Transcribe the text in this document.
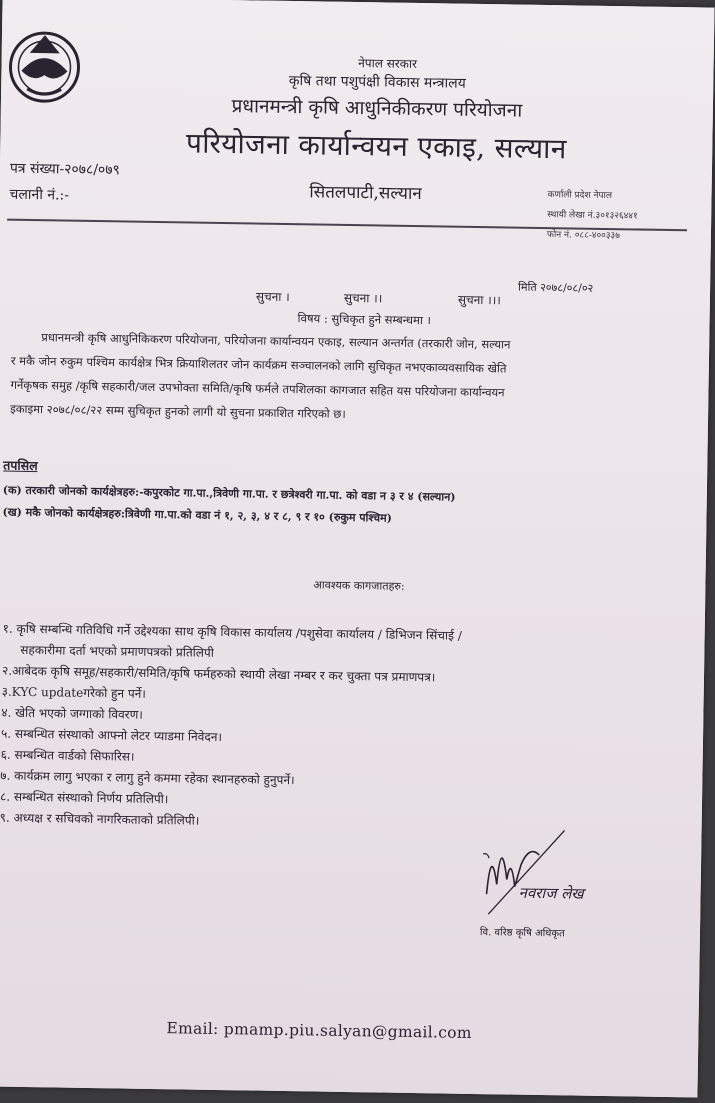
नेपाल सरकार
कृषि तथा पशुपंक्षी विकास मन्त्रालय
प्रधानमन्त्री कृषि आधुनिकीकरण परियोजना
परियोजना कार्यान्वयन एकाइ, सल्यान
सितलपाटी,सल्यान
पत्र संख्या-२०७८/०७९
चलानी नं.:-	कर्णाली प्रदेश नेपाल
स्थायी लेखा नं.३०१३२६४४१
फोन नं. ०८८-४००३३७
मिति २०७८/०८/०२
सुचना ।	सुचना ।।	सुचना ।।।
विषय : सुचिकृत हुने सम्बन्धमा ।

प्रधानमन्त्री कृषि आधुनिकिकरण परियोजना, परियोजना कार्यान्वयन एकाइ, सल्यान अन्तर्गत (तरकारी जोन, सल्यान

र मकै जोन रुकुम पश्चिम कार्यक्षेत्र भित्र क्रियाशिलतर जोन कार्यक्रम सञ्चालनको लागि सुचिकृत नभएकाव्यवसायिक खेति

गर्नेकृषक समुह /कृषि सहकारी/जल उपभोक्ता समिति/कृषि फर्मले तपशिलका कागजात सहित यस परियोजना कार्यान्वयन

इकाइमा २०७८/०८/२२ सम्म सुचिकृत हुनको लागी यो सुचना प्रकाशित गरिएको छ।

तपसिल
(क) तरकारी जोनको कार्यक्षेत्रहरु:-कपुरकोट गा.पा.,त्रिवेणी गा.पा. र छत्रेश्वरी गा.पा. को वडा न ३ र ४ (सल्यान)
(ख) मकै जोनको कार्यक्षेत्रहरु:त्रिवेणी गा.पा.को वडा नं १, २, ३, ४ र ८, ९ र १० (रुकुम पश्चिम)
आवश्यक कागजातहरु:
१. कृषि सम्बन्धि गतिविधि गर्ने उद्देश्यका साथ कृषि विकास कार्यालय /पशुसेवा कार्यालय / डिभिजन सिंचाई /
सहकारीमा दर्ता भएको प्रमाणपत्रको प्रतिलिपी
२.आबेदक कृषि समूह/सहकारी/समिति/कृषि फर्महरुको स्थायी लेखा नम्बर र कर चुक्ता पत्र प्रमाणपत्र।
३.KYC updateगरेको हुन पर्ने।
४. खेति भएको जग्गाको विवरण।
५. सम्बन्धित संस्थाको आफ्नो लेटर प्याडमा निवेदन।
६. सम्बन्धित वार्डको सिफारिस।
७. कार्यक्रम लागु भएका र लागु हुने कममा रहेका स्थानहरुको हुनुपर्ने।
८. सम्बन्धित संस्थाको निर्णय प्रतिलिपी।
९. अध्यक्ष र सचिवको नागरिकताको प्रतिलिपी।
नवराज लेख
व‍ि. वरिष्ठ कृषि अधिकृत
Email: pmamp.piu.salyan@gmail.com
